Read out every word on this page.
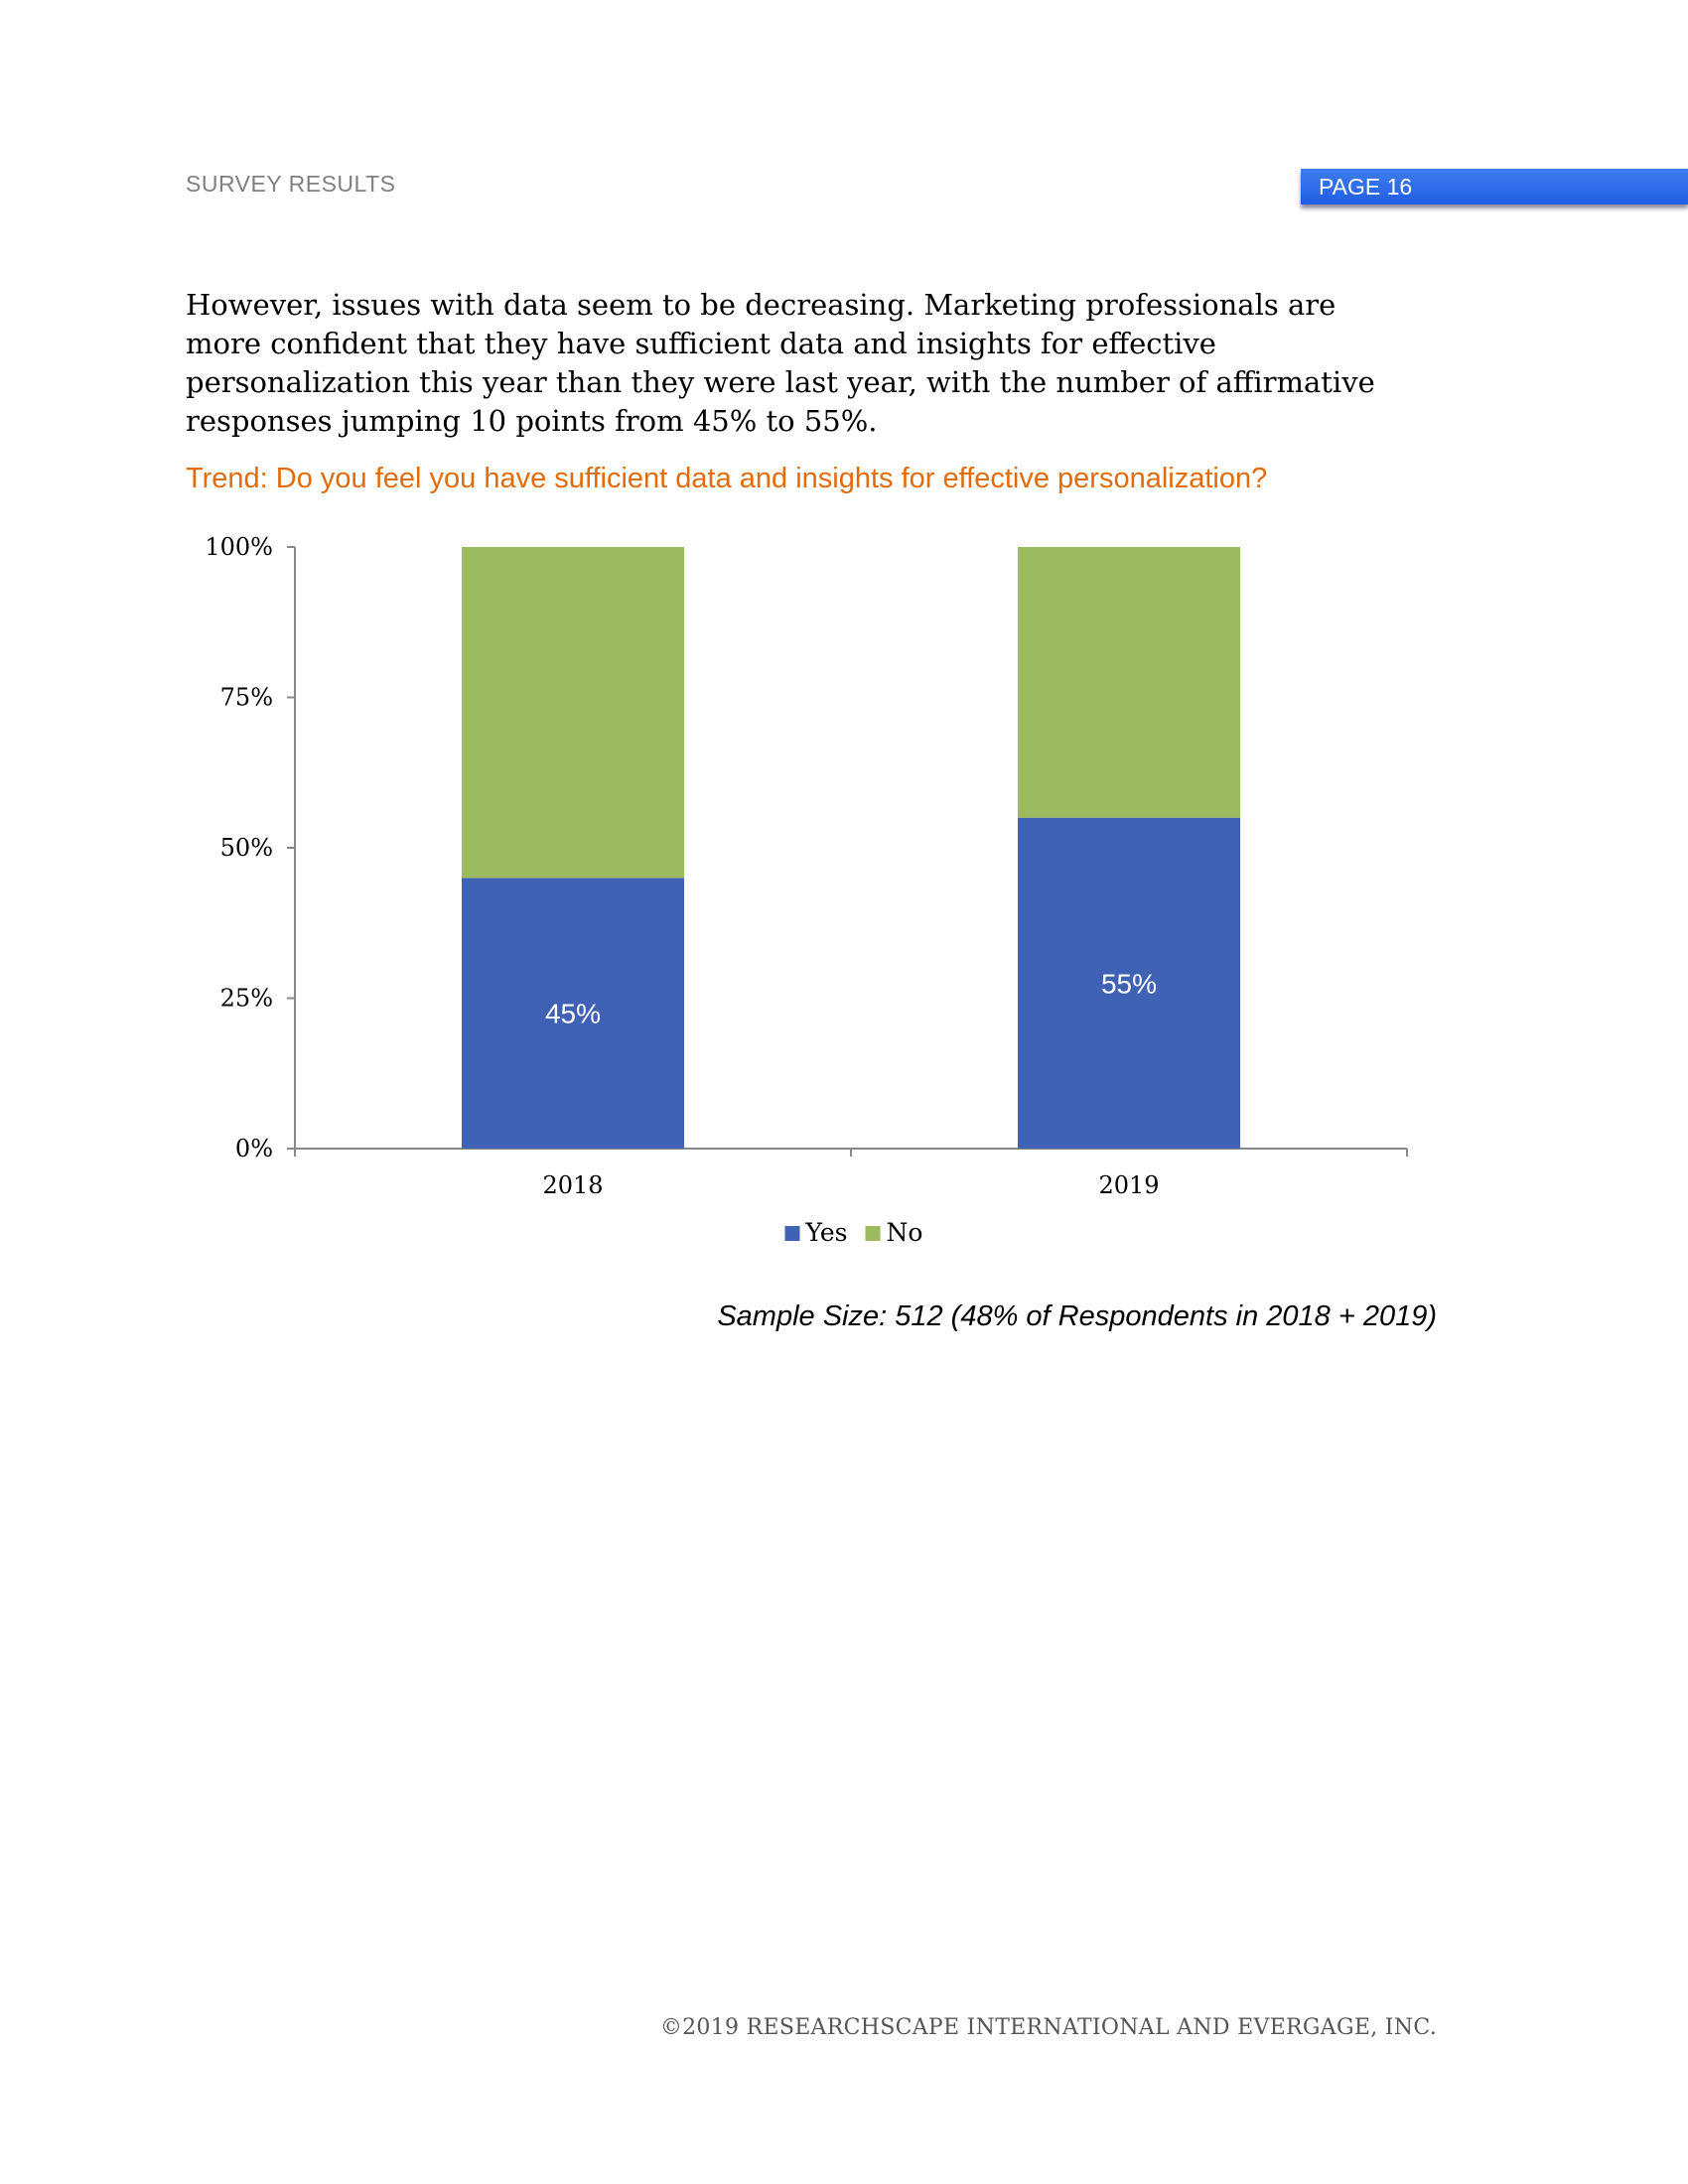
SURVEY RESULTS	PAGE 16
However, issues with data seem to be decreasing. Marketing professionals are more confident that they have sufficient data and insights for effective personalization this year than they were last year, with the number of affirmative responses jumping 10 points from 45% to 55%.
Trend: Do you feel you have sufficient data and insights for effective personalization?
0%
25%
50%
75%
100%
45%
2018
55%
2019
Yes No
Sample Size: 512 (48% of Respondents in 2018 + 2019)
©2019 RESEARCHSCAPE INTERNATIONAL AND EVERGAGE, INC.
